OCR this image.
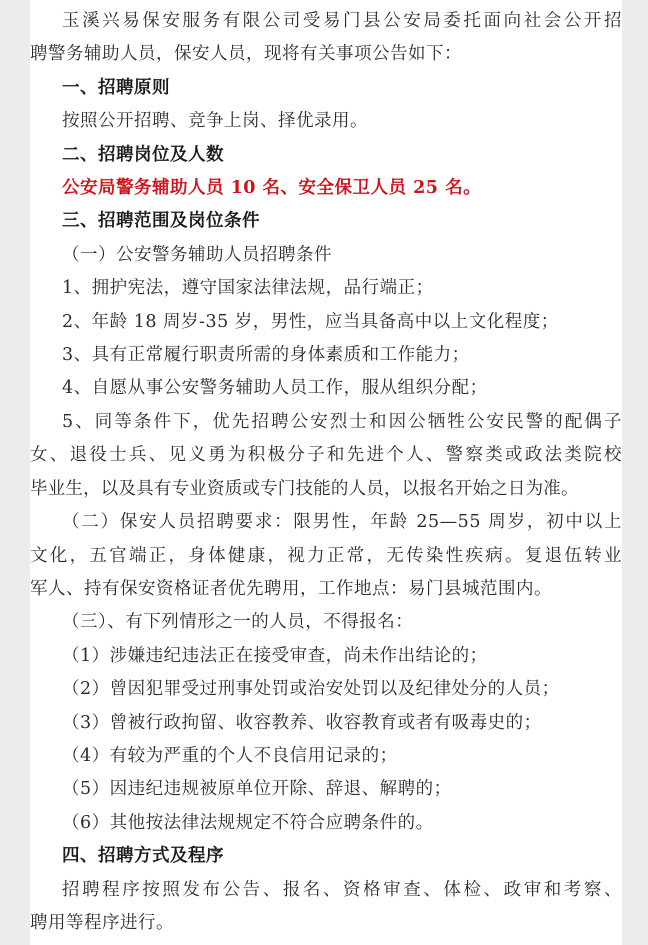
玉溪兴易保安服务有限公司受易门县公安局委托面向社会公开招
聘警务辅助人员，保安人员，现将有关事项公告如下：
一、招聘原则
按照公开招聘、竞争上岗、择优录用。
二、招聘岗位及人数
公安局警务辅助人员 10 名、安全保卫人员 25 名。
三、招聘范围及岗位条件
（一）公安警务辅助人员招聘条件
1、拥护宪法，遵守国家法律法规，品行端正；
2、年龄 18 周岁-35 岁，男性，应当具备高中以上文化程度；
3、具有正常履行职责所需的身体素质和工作能力；
4、自愿从事公安警务辅助人员工作，服从组织分配；
5、同等条件下，优先招聘公安烈士和因公牺牲公安民警的配偶子
女、退役士兵、见义勇为积极分子和先进个人、警察类或政法类院校
毕业生，以及具有专业资质或专门技能的人员，以报名开始之日为准。
（二）保安人员招聘要求：限男性，年龄 25—55 周岁，初中以上
文化，五官端正，身体健康，视力正常，无传染性疾病。复退伍转业
军人、持有保安资格证者优先聘用，工作地点：易门县城范围内。
（三）、有下列情形之一的人员，不得报名：
（1）涉嫌违纪违法正在接受审查，尚未作出结论的；
（2）曾因犯罪受过刑事处罚或治安处罚以及纪律处分的人员；
（3）曾被行政拘留、收容教养、收容教育或者有吸毒史的；
（4）有较为严重的个人不良信用记录的；
（5）因违纪违规被原单位开除、辞退、解聘的；
（6）其他按法律法规规定不符合应聘条件的。
四、招聘方式及程序
招聘程序按照发布公告、报名、资格审查、体检、政审和考察、
聘用等程序进行。
